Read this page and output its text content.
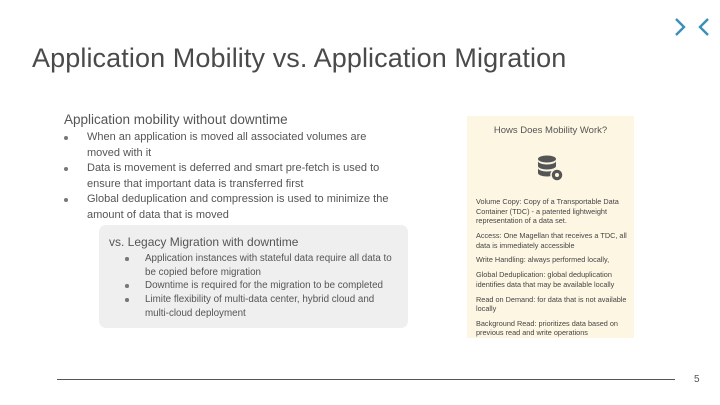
Application Mobility vs. Application Migration
Application mobility without downtime
When an application is moved all associated volumes are moved with it
Data is movement is deferred and smart pre-fetch is used to ensure that important data is transferred first
Global deduplication and compression is used to minimize the amount of data that is moved
vs. Legacy Migration with downtime
Application instances with stateful data require all data to be copied before migration
Downtime is required for the migration to be completed
Limite flexibility of multi-data center, hybrid cloud and multi-cloud deployment
Hows Does Mobility Work?

Volume Copy: Copy of a Transportable Data Container (TDC) - a patented lightweight representation of a data set.

Access: One Magellan that receives a TDC, all data is immediately accessible

Write Handling: always performed locally,

Global Deduplication: global deduplication identifies data that may be available locally

Read on Demand: for data that is not available locally

Background Read: prioritizes data based on previous read and write operations

5
